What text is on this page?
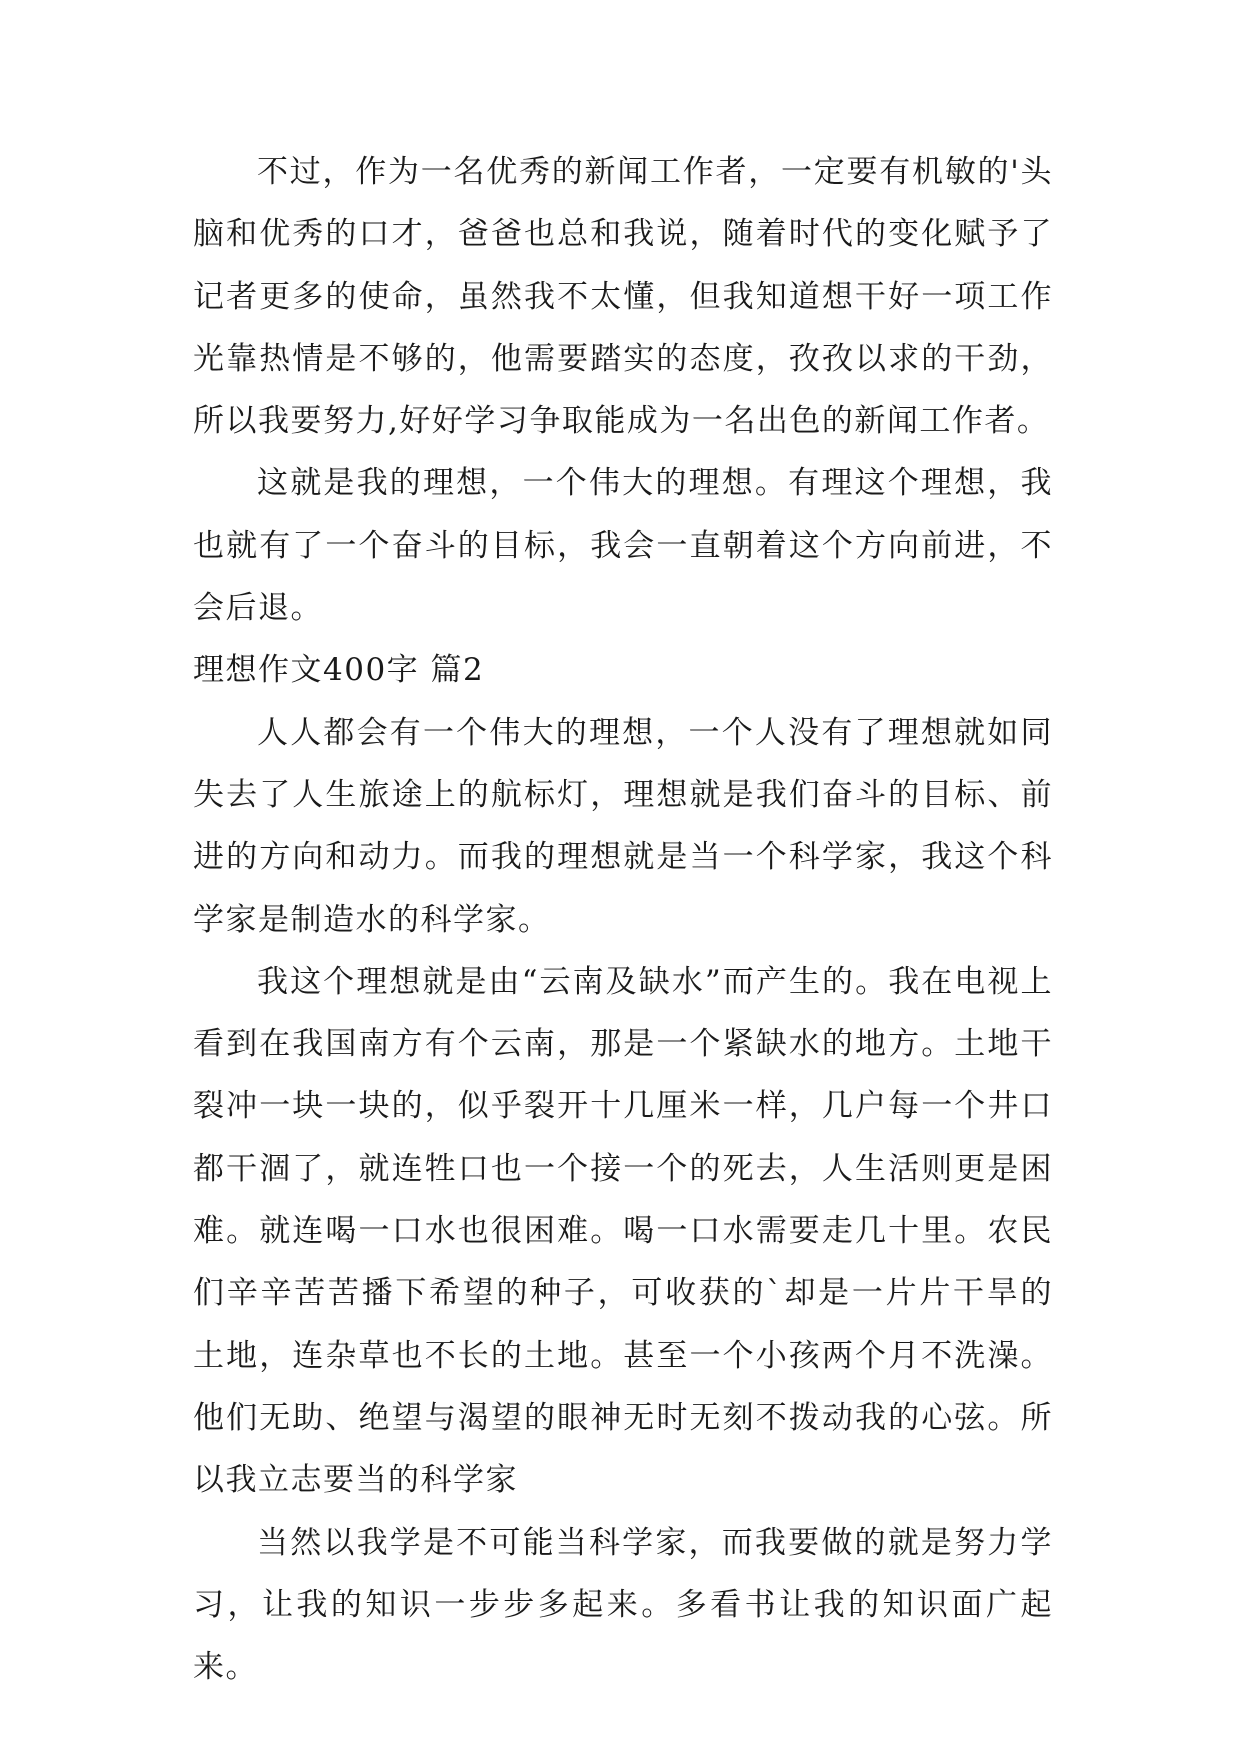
不过，作为一名优秀的新闻工作者，一定要有机敏的'头脑和优秀的口才，爸爸也总和我说，随着时代的变化赋予了记者更多的使命，虽然我不太懂，但我知道想干好一项工作光靠热情是不够的，他需要踏实的态度，孜孜以求的干劲，所以我要努力,好好学习争取能成为一名出色的新闻工作者。

这就是我的理想，一个伟大的理想。有理这个理想，我也就有了一个奋斗的目标，我会一直朝着这个方向前进，不会后退。

理想作文400字 篇2

人人都会有一个伟大的理想，一个人没有了理想就如同失去了人生旅途上的航标灯，理想就是我们奋斗的目标、前进的方向和动力。而我的理想就是当一个科学家，我这个科学家是制造水的科学家。

我这个理想就是由“云南及缺水”而产生的。我在电视上看到在我国南方有个云南，那是一个紧缺水的地方。土地干裂冲一块一块的，似乎裂开十几厘米一样，几户每一个井口都干涸了，就连牲口也一个接一个的死去，人生活则更是困难。就连喝一口水也很困难。喝一口水需要走几十里。农民们辛辛苦苦播下希望的种子，可收获的`却是一片片干旱的土地，连杂草也不长的土地。甚至一个小孩两个月不洗澡。他们无助、绝望与渴望的眼神无时无刻不拨动我的心弦。所以我立志要当的科学家

当然以我学是不可能当科学家，而我要做的就是努力学习，让我的知识一步步多起来。多看书让我的知识面广起来。
